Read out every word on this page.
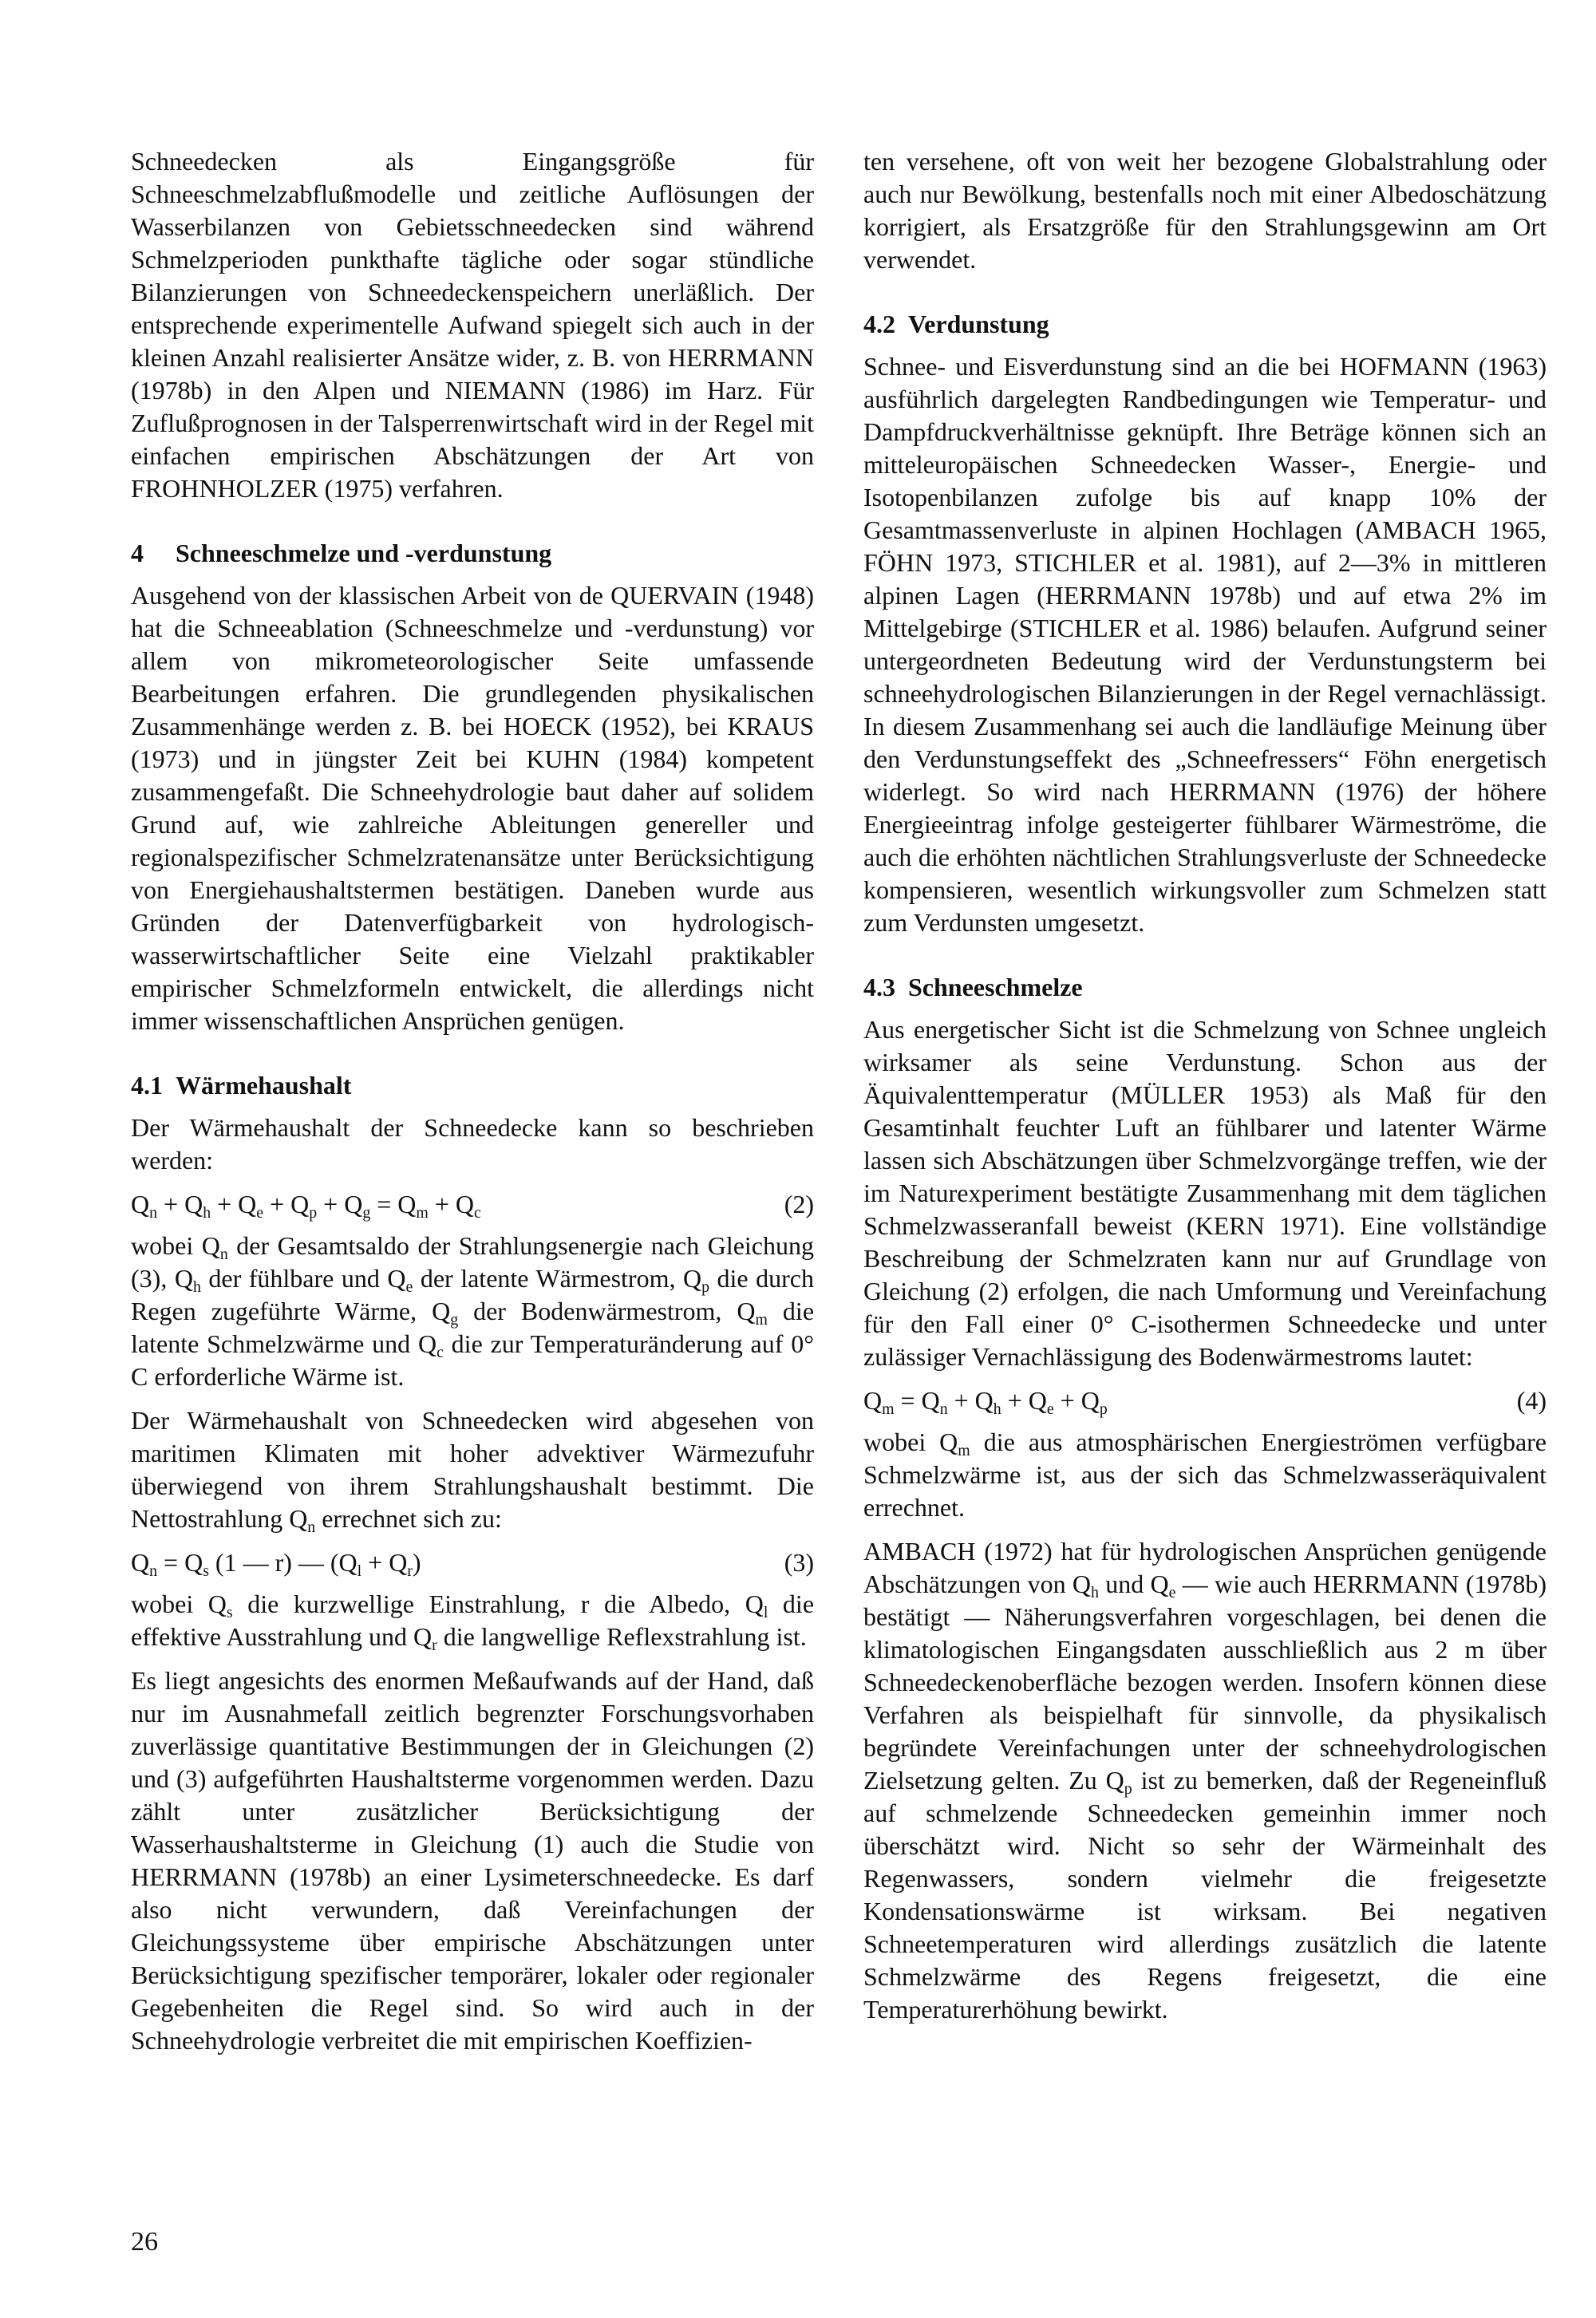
Schneedecken als Eingangsgröße für Schneeschmelzabflußmodelle und zeitliche Auflösungen der Wasserbilanzen von Gebietsschneedecken sind während Schmelzperioden punkthafte tägliche oder sogar stündliche Bilanzierungen von Schneedeckenspeichern unerläßlich. Der entsprechende experimentelle Aufwand spiegelt sich auch in der kleinen Anzahl realisierter Ansätze wider, z. B. von HERRMANN (1978b) in den Alpen und NIEMANN (1986) im Harz. Für Zuflußprognosen in der Talsperrenwirtschaft wird in der Regel mit einfachen empirischen Abschätzungen der Art von FROHNHOLZER (1975) verfahren.

4 Schneeschmelze und -verdunstung

Ausgehend von der klassischen Arbeit von de QUERVAIN (1948) hat die Schneeablation (Schneeschmelze und -verdunstung) vor allem von mikrometeorologischer Seite umfassende Bearbeitungen erfahren. Die grundlegenden physikalischen Zusammenhänge werden z. B. bei HOECK (1952), bei KRAUS (1973) und in jüngster Zeit bei KUHN (1984) kompetent zusammengefaßt. Die Schneehydrologie baut daher auf solidem Grund auf, wie zahlreiche Ableitungen genereller und regionalspezifischer Schmelzratenansätze unter Berücksichtigung von Energiehaushaltstermen bestätigen. Daneben wurde aus Gründen der Datenverfügbarkeit von hydrologisch-wasserwirtschaftlicher Seite eine Vielzahl praktikabler empirischer Schmelzformeln entwickelt, die allerdings nicht immer wissenschaftlichen Ansprüchen genügen.

4.1 Wärmehaushalt

Der Wärmehaushalt der Schneedecke kann so beschrieben werden:

$Q_n + Q_h + Q_e + Q_p + Q_g = Q_m + Q_c$	(2)

wobei $Q_n$ der Gesamtsaldo der Strahlungsenergie nach Gleichung (3), $Q_h$ der fühlbare und $Q_e$ der latente Wärmestrom, $Q_p$ die durch Regen zugeführte Wärme, $Q_g$ der Bodenwärmestrom, $Q_m$ die latente Schmelzwärme und $Q_c$ die zur Temperaturänderung auf 0° C erforderliche Wärme ist.

Der Wärmehaushalt von Schneedecken wird abgesehen von maritimen Klimaten mit hoher advektiver Wärmezufuhr überwiegend von ihrem Strahlungshaushalt bestimmt. Die Nettostrahlung $Q_n$ errechnet sich zu:

$Q_n = Q_s$ (1 — r) — $(Q_l + Q_r)$	(3)

wobei $Q_s$ die kurzwellige Einstrahlung, r die Albedo, $Q_l$ die effektive Ausstrahlung und $Q_r$ die langwellige Reflexstrahlung ist.

Es liegt angesichts des enormen Meßaufwands auf der Hand, daß nur im Ausnahmefall zeitlich begrenzter Forschungsvorhaben zuverlässige quantitative Bestimmungen der in Gleichungen (2) und (3) aufgeführten Haushaltsterme vorgenommen werden. Dazu zählt unter zusätzlicher Berücksichtigung der Wasserhaushaltsterme in Gleichung (1) auch die Studie von HERRMANN (1978b) an einer Lysimeterschneedecke. Es darf also nicht verwundern, daß Vereinfachungen der Gleichungssysteme über empirische Abschätzungen unter Berücksichtigung spezifischer temporärer, lokaler oder regionaler Gegebenheiten die Regel sind. So wird auch in der Schneehydrologie verbreitet die mit empirischen Koeffizien-

ten versehene, oft von weit her bezogene Globalstrahlung oder auch nur Bewölkung, bestenfalls noch mit einer Albedoschätzung korrigiert, als Ersatzgröße für den Strahlungsgewinn am Ort verwendet.

4.2 Verdunstung

Schnee- und Eisverdunstung sind an die bei HOFMANN (1963) ausführlich dargelegten Randbedingungen wie Temperatur- und Dampfdruckverhältnisse geknüpft. Ihre Beträge können sich an mitteleuropäischen Schneedecken Wasser-, Energie- und Isotopenbilanzen zufolge bis auf knapp 10% der Gesamtmassenverluste in alpinen Hochlagen (AMBACH 1965, FÖHN 1973, STICHLER et al. 1981), auf 2—3% in mittleren alpinen Lagen (HERRMANN 1978b) und auf etwa 2% im Mittelgebirge (STICHLER et al. 1986) belaufen. Aufgrund seiner untergeordneten Bedeutung wird der Verdunstungsterm bei schneehydrologischen Bilanzierungen in der Regel vernachlässigt. In diesem Zusammenhang sei auch die landläufige Meinung über den Verdunstungseffekt des „Schneefressers“ Föhn energetisch widerlegt. So wird nach HERRMANN (1976) der höhere Energieeintrag infolge gesteigerter fühlbarer Wärmeströme, die auch die erhöhten nächtlichen Strahlungsverluste der Schneedecke kompensieren, wesentlich wirkungsvoller zum Schmelzen statt zum Verdunsten umgesetzt.

4.3 Schneeschmelze

Aus energetischer Sicht ist die Schmelzung von Schnee ungleich wirksamer als seine Verdunstung. Schon aus der Äquivalenttemperatur (MÜLLER 1953) als Maß für den Gesamtinhalt feuchter Luft an fühlbarer und latenter Wärme lassen sich Abschätzungen über Schmelzvorgänge treffen, wie der im Naturexperiment bestätigte Zusammenhang mit dem täglichen Schmelzwasseranfall beweist (KERN 1971). Eine vollständige Beschreibung der Schmelzraten kann nur auf Grundlage von Gleichung (2) erfolgen, die nach Umformung und Vereinfachung für den Fall einer 0° C-isothermen Schneedecke und unter zulässiger Vernachlässigung des Bodenwärmestroms lautet:

$Q_m = Q_n + Q_h + Q_e + Q_p$	(4)

wobei $Q_m$ die aus atmosphärischen Energieströmen verfügbare Schmelzwärme ist, aus der sich das Schmelzwasseräquivalent errechnet.

AMBACH (1972) hat für hydrologischen Ansprüchen genügende Abschätzungen von $Q_h$ und $Q_e$ — wie auch HERRMANN (1978b) bestätigt — Näherungsverfahren vorgeschlagen, bei denen die klimatologischen Eingangsdaten ausschließlich aus 2 m über Schneedeckenoberfläche bezogen werden. Insofern können diese Verfahren als beispielhaft für sinnvolle, da physikalisch begründete Vereinfachungen unter der schneehydrologischen Zielsetzung gelten. Zu $Q_p$ ist zu bemerken, daß der Regeneinfluß auf schmelzende Schneedecken gemeinhin immer noch überschätzt wird. Nicht so sehr der Wärmeinhalt des Regenwassers, sondern vielmehr die freigesetzte Kondensationswärme ist wirksam. Bei negativen Schneetemperaturen wird allerdings zusätzlich die latente Schmelzwärme des Regens freigesetzt, die eine Temperaturerhöhung bewirkt.

26
